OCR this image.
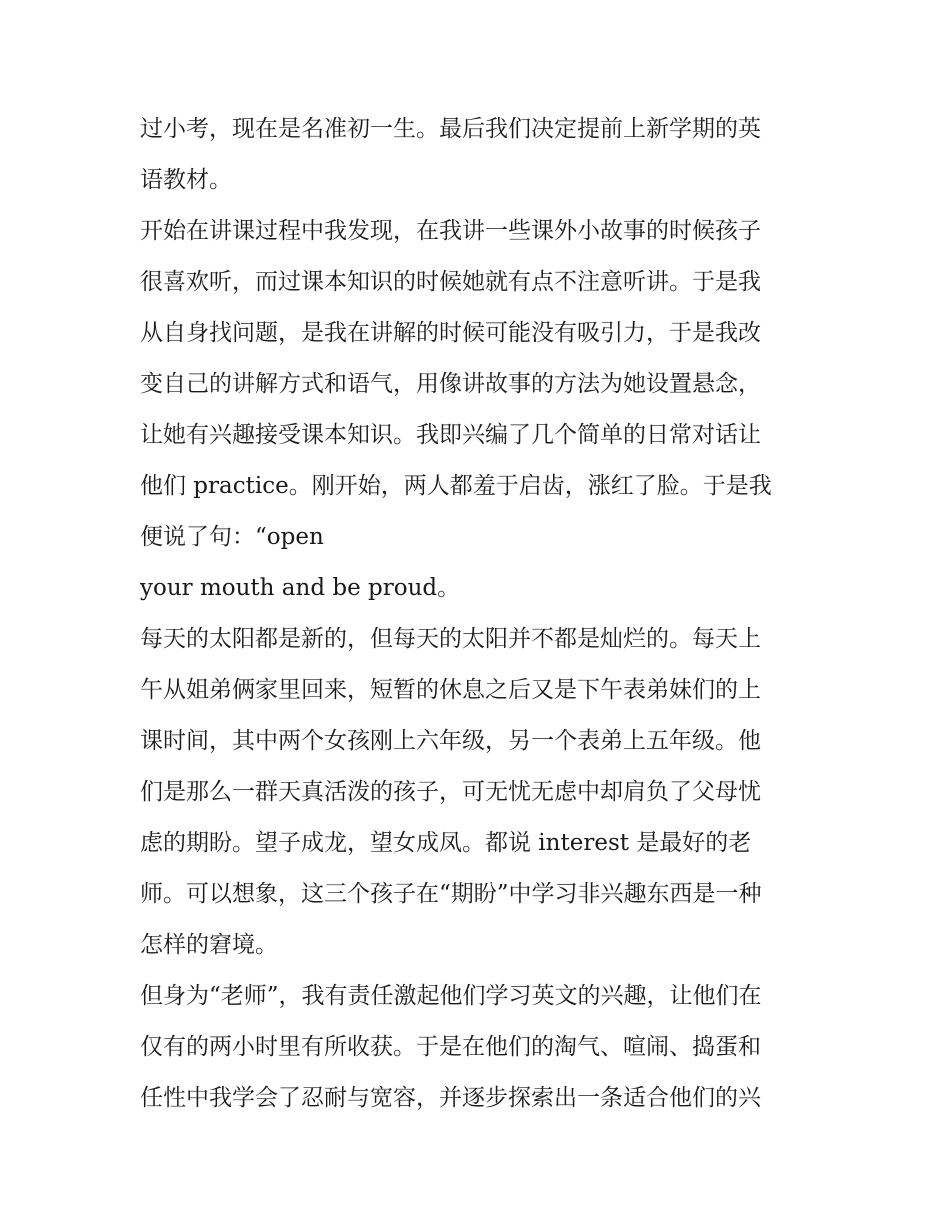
过小考，现在是名准初一生。最后我们决定提前上新学期的英
语教材。
开始在讲课过程中我发现，在我讲一些课外小故事的时候孩子
很喜欢听，而过课本知识的时候她就有点不注意听讲。于是我
从自身找问题，是我在讲解的时候可能没有吸引力，于是我改
变自己的讲解方式和语气，用像讲故事的方法为她设置悬念，
让她有兴趣接受课本知识。我即兴编了几个简单的日常对话让
他们 practice。刚开始，两人都羞于启齿，涨红了脸。于是我
便说了句：“open
your mouth and be proud。
每天的太阳都是新的，但每天的太阳并不都是灿烂的。每天上
午从姐弟俩家里回来，短暂的休息之后又是下午表弟妹们的上
课时间，其中两个女孩刚上六年级，另一个表弟上五年级。他
们是那么一群天真活泼的孩子，可无忧无虑中却肩负了父母忧
虑的期盼。望子成龙，望女成凤。都说 interest 是最好的老
师。可以想象，这三个孩子在“期盼”中学习非兴趣东西是一种
怎样的窘境。
但身为“老师”，我有责任激起他们学习英文的兴趣，让他们在
仅有的两小时里有所收获。于是在他们的淘气、喧闹、捣蛋和
任性中我学会了忍耐与宽容，并逐步探索出一条适合他们的兴
